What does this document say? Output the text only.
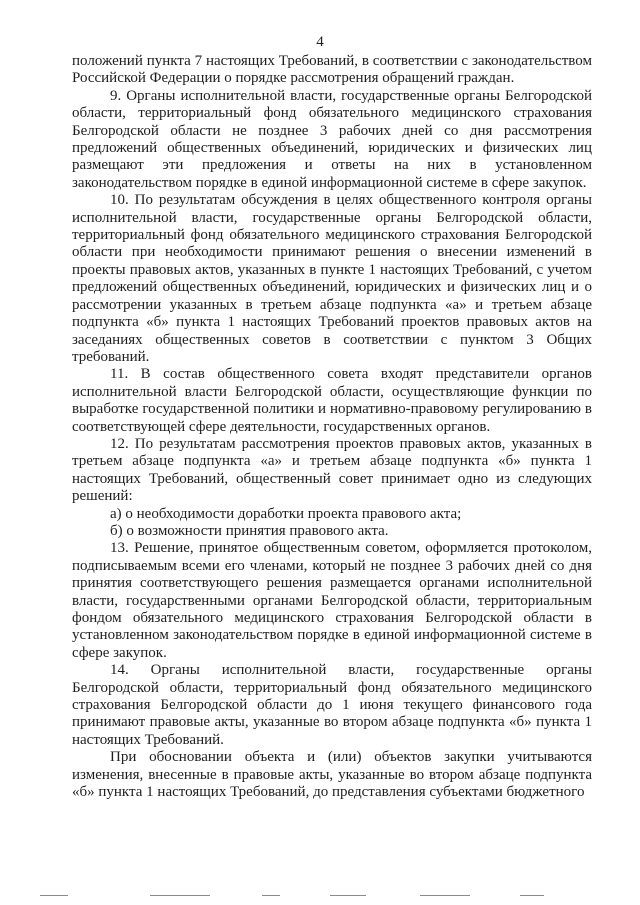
4

положений пункта 7 настоящих Требований, в соответствии с законодательством Российской Федерации о порядке рассмотрения обращений граждан.

9. Органы исполнительной власти, государственные органы Белгородской области, территориальный фонд обязательного медицинского страхования Белгородской области не позднее 3 рабочих дней со дня рассмотрения предложений общественных объединений, юридических и физических лиц размещают эти предложения и ответы на них в установленном законодательством порядке в единой информационной системе в сфере закупок.

10. По результатам обсуждения в целях общественного контроля органы исполнительной власти, государственные органы Белгородской области, территориальный фонд обязательного медицинского страхования Белгородской области при необходимости принимают решения о внесении изменений в проекты правовых актов, указанных в пункте 1 настоящих Требований, с учетом предложений общественных объединений, юридических и физических лиц и о рассмотрении указанных в третьем абзаце подпункта «а» и третьем абзаце подпункта «б» пункта 1 настоящих Требований проектов правовых актов на заседаниях общественных советов в соответствии с пунктом 3 Общих требований.

11. В состав общественного совета входят представители органов исполнительной власти Белгородской области, осуществляющие функции по выработке государственной политики и нормативно-правовому регулированию в соответствующей сфере деятельности, государственных органов.

12. По результатам рассмотрения проектов правовых актов, указанных в третьем абзаце подпункта «а» и третьем абзаце подпункта «б» пункта 1 настоящих Требований, общественный совет принимает одно из следующих решений:

а) о необходимости доработки проекта правового акта;

б) о возможности принятия правового акта.

13. Решение, принятое общественным советом, оформляется протоколом, подписываемым всеми его членами, который не позднее 3 рабочих дней со дня принятия соответствующего решения размещается органами исполнительной власти, государственными органами Белгородской области, территориальным фондом обязательного медицинского страхования Белгородской области в установленном законодательством порядке в единой информационной системе в сфере закупок.

14. Органы исполнительной власти, государственные органы Белгородской области, территориальный фонд обязательного медицинского страхования Белгородской области до 1 июня текущего финансового года принимают правовые акты, указанные во втором абзаце подпункта «б» пункта 1 настоящих Требований.

При обосновании объекта и (или) объектов закупки учитываются изменения, внесенные в правовые акты, указанные во втором абзаце подпункта «б» пункта 1 настоящих Требований, до представления субъектами бюджетного
